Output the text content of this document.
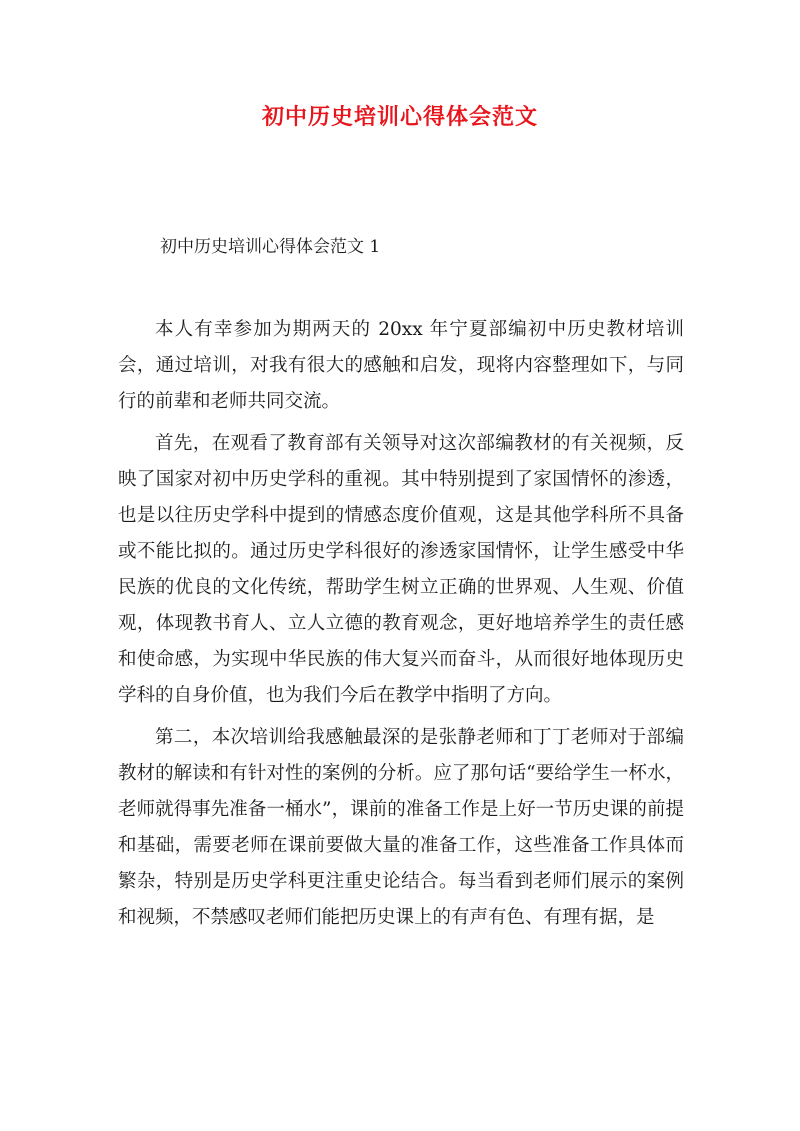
初中历史培训心得体会范文
初中历史培训心得体会范文 1

本人有幸参加为期两天的 20xx 年宁夏部编初中历史教材培训会，通过培训，对我有很大的感触和启发，现将内容整理如下，与同行的前辈和老师共同交流。

首先，在观看了教育部有关领导对这次部编教材的有关视频，反映了国家对初中历史学科的重视。其中特别提到了家国情怀的渗透，也是以往历史学科中提到的情感态度价值观，这是其他学科所不具备或不能比拟的。通过历史学科很好的渗透家国情怀，让学生感受中华民族的优良的文化传统，帮助学生树立正确的世界观、人生观、价值观，体现教书育人、立人立德的教育观念，更好地培养学生的责任感和使命感，为实现中华民族的伟大复兴而奋斗，从而很好地体现历史学科的自身价值，也为我们今后在教学中指明了方向。

第二，本次培训给我感触最深的是张静老师和丁丁老师对于部编教材的解读和有针对性的案例的分析。应了那句话“要给学生一杯水，老师就得事先准备一桶水”，课前的准备工作是上好一节历史课的前提和基础，需要老师在课前要做大量的准备工作，这些准备工作具体而繁杂，特别是历史学科更注重史论结合。每当看到老师们展示的案例和视频，不禁感叹老师们能把历史课上的有声有色、有理有据，是
